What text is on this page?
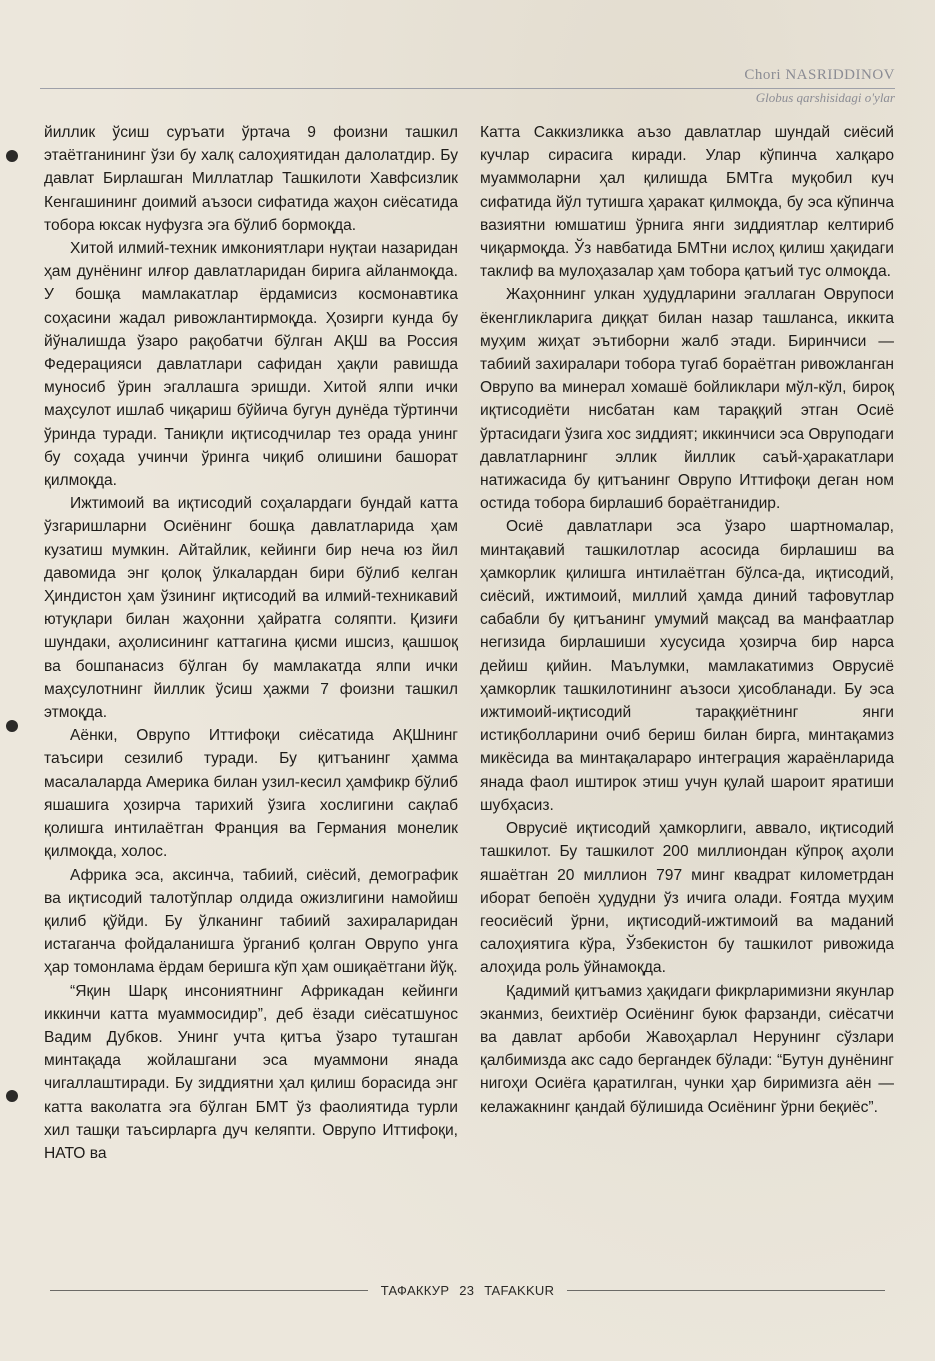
Chori NASRIDDINOV
Globus qarshisidagi o'ylar

йиллик ўсиш суръати ўртача 9 фоизни ташкил этаётганининг ўзи бу халқ салоҳиятидан далолатдир. Бу давлат Бирлашган Миллатлар Ташкилоти Хавфсизлик Кенгашининг доимий аъзоси сифатида жаҳон сиёсатида тобора юксак нуфузга эга бўлиб бормоқда.

Хитой илмий-техник имкониятлари нуқтаи назаридан ҳам дунёнинг илғор давлатларидан бирига айланмоқда. У бошқа мамлакатлар ёрдамисиз космонавтика соҳасини жадал ривожлантирмоқда. Ҳозирги кунда бу йўналишда ўзаро рақобатчи бўлган АҚШ ва Россия Федерацияси давлатлари сафидан ҳақли равишда муносиб ўрин эгаллашга эришди. Хитой ялпи ички маҳсулот ишлаб чиқариш бўйича бугун дунёда тўртинчи ўринда туради. Таниқли иқтисодчилар тез орада унинг бу соҳада учинчи ўринга чиқиб олишини башорат қилмоқда.

Ижтимоий ва иқтисодий соҳалардаги бундай катта ўзгаришларни Осиёнинг бошқа давлатларида ҳам кузатиш мумкин. Айтайлик, кейинги бир неча юз йил давомида энг қолоқ ўлкалардан бири бўлиб келган Ҳиндистон ҳам ўзининг иқтисодий ва илмий-техникавий ютуқлари билан жаҳонни ҳайратга соляпти. Қизиғи шундаки, аҳолисининг каттагина қисми ишсиз, қашшоқ ва бошпанасиз бўлган бу мамлакатда ялпи ички маҳсулотнинг йиллик ўсиш ҳажми 7 фоизни ташкил этмоқда.

Аёнки, Оврупо Иттифоқи сиёсатида АҚШнинг таъсири сезилиб туради. Бу қитъанинг ҳамма масалаларда Америка билан узил-кесил ҳамфикр бўлиб яшашига ҳозирча тарихий ўзига хослигини сақлаб қолишга интилаётган Франция ва Германия монелик қилмоқда, холос.

Африка эса, аксинча, табиий, сиёсий, демографик ва иқтисодий талотўплар олдида ожизлигини намойиш қилиб қўйди. Бу ўлканинг табиий захираларидан истаганча фойдаланишга ўрганиб қолган Оврупо унга ҳар томонлама ёрдам беришга кўп ҳам ошиқаётгани йўқ.

“Яқин Шарқ инсониятнинг Африкадан кейинги иккинчи катта муаммосидир”, деб ёзади сиёсатшунос Вадим Дубков. Унинг учта қитъа ўзаро туташган минтақада жойлашгани эса муаммони янада чигаллаштиради. Бу зиддиятни ҳал қилиш борасида энг катта ваколатга эга бўлган БМТ ўз фаолиятида турли хил ташқи таъсирларга дуч келяпти. Оврупо Иттифоқи, НАТО ва

Катта Саккизликка аъзо давлатлар шундай сиёсий кучлар сирасига киради. Улар кўпинча халқаро муаммоларни ҳал қилишда БМТга муқобил куч сифатида йўл тутишга ҳаракат қилмоқда, бу эса кўпинча вазиятни юмшатиш ўрнига янги зиддиятлар келтириб чиқармоқда. Ўз навбатида БМТни ислоҳ қилиш ҳақидаги таклиф ва мулоҳазалар ҳам тобора қатъий тус олмоқда.

Жаҳоннинг улкан ҳудудларини эгаллаган Оврупоси ёкенгликларига диққат билан назар ташланса, иккита муҳим жиҳат эътиборни жалб этади. Биринчиси — табиий захиралари тобора тугаб бораётган ривожланган Оврупо ва минерал хомашё бойликлари мўл-кўл, бироқ иқтисодиёти нисбатан кам тараққий этган Осиё ўртасидаги ўзига хос зиддият; иккинчиси эса Овруподаги давлатларнинг эллик йиллик саъй-ҳаракатлари натижасида бу қитъанинг Оврупо Иттифоқи деган ном остида тобора бирлашиб бораётганидир.

Осиё давлатлари эса ўзаро шартномалар, минтақавий ташкилотлар асосида бирлашиш ва ҳамкорлик қилишга интилаётган бўлса-да, иқтисодий, сиёсий, ижтимоий, миллий ҳамда диний тафовутлар сабабли бу қитъанинг умумий мақсад ва манфаатлар негизида бирлашиши хусусида ҳозирча бир нарса дейиш қийин. Маълумки, мамлакатимиз Оврусиё ҳамкорлик ташкилотининг аъзоси ҳисобланади. Бу эса ижтимоий-иқтисодий тараққиётнинг янги истиқболларини очиб бериш билан бирга, минтақамиз микёсида ва минтақалараро интеграция жараёнларида янада фаол иштирок этиш учун қулай шароит яратиши шубҳасиз.

Оврусиё иқтисодий ҳамкорлиги, аввало, иқтисодий ташкилот. Бу ташкилот 200 миллиондан кўпроқ аҳоли яшаётган 20 миллион 797 минг квадрат километрдан иборат бепоён ҳудудни ўз ичига олади. Ғоятда муҳим геосиёсий ўрни, иқтисодий-ижтимоий ва маданий салоҳиятига кўра, Ўзбекистон бу ташкилот ривожида алоҳида роль ўйнамоқда.

Қадимий қитъамиз ҳақидаги фикрларимизни якунлар эканмиз, беихтиёр Осиёнинг буюк фарзанди, сиёсатчи ва давлат арбоби Жавоҳарлал Нерунинг сўзлари қалбимизда акс садо бергандек бўлади: “Бутун дунёнинг нигоҳи Осиёга қаратилган, чунки ҳар биримизга аён — келажакнинг қандай бўлишида Осиёнинг ўрни беқиёс”.

ТАФАККУР 23 TAFAKKUR
